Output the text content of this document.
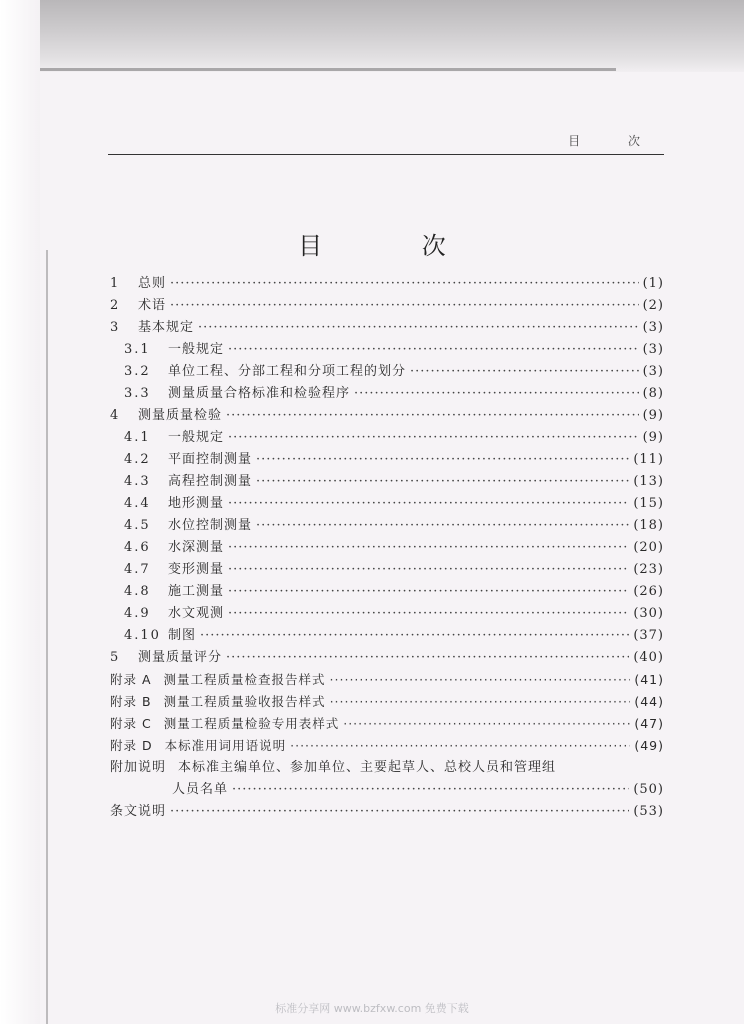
目 次
目 次
1	总则 ·····	(1)
2	术语 ·····	(2)
3	基本规定 ·····	(3)
3.1	一般规定 ·····	(3)
3.2	单位工程、分部工程和分项工程的划分 ·····	(3)
3.3	测量质量合格标准和检验程序 ·····	(8)
4	测量质量检验 ·····	(9)
4.1	一般规定 ·····	(9)
4.2	平面控制测量 ·····	(11)
4.3	高程控制测量 ·····	(13)
4.4	地形测量 ·····	(15)
4.5	水位控制测量 ·····	(18)
4.6	水深测量 ·····	(20)
4.7	变形测量 ·····	(23)
4.8	施工测量 ·····	(26)
4.9	水文观测 ·····	(30)
4.10 制图 ·····	(37)
5	测量质量评分 ·····	(40)
附录 A 测量工程质量检查报告样式 ·····	(41)
附录 B 测量工程质量验收报告样式 ·····	(44)
附录 C 测量工程质量检验专用表样式 ·····	(47)
附录 D 本标准用词用语说明 ·····	(49)
附加说明 本标准主编单位、参加单位、主要起草人、总校人员和管理组
人员名单 ·····	(50)
条文说明 ·····	(53)
标准分享网 www.bzfxw.com 免费下载
